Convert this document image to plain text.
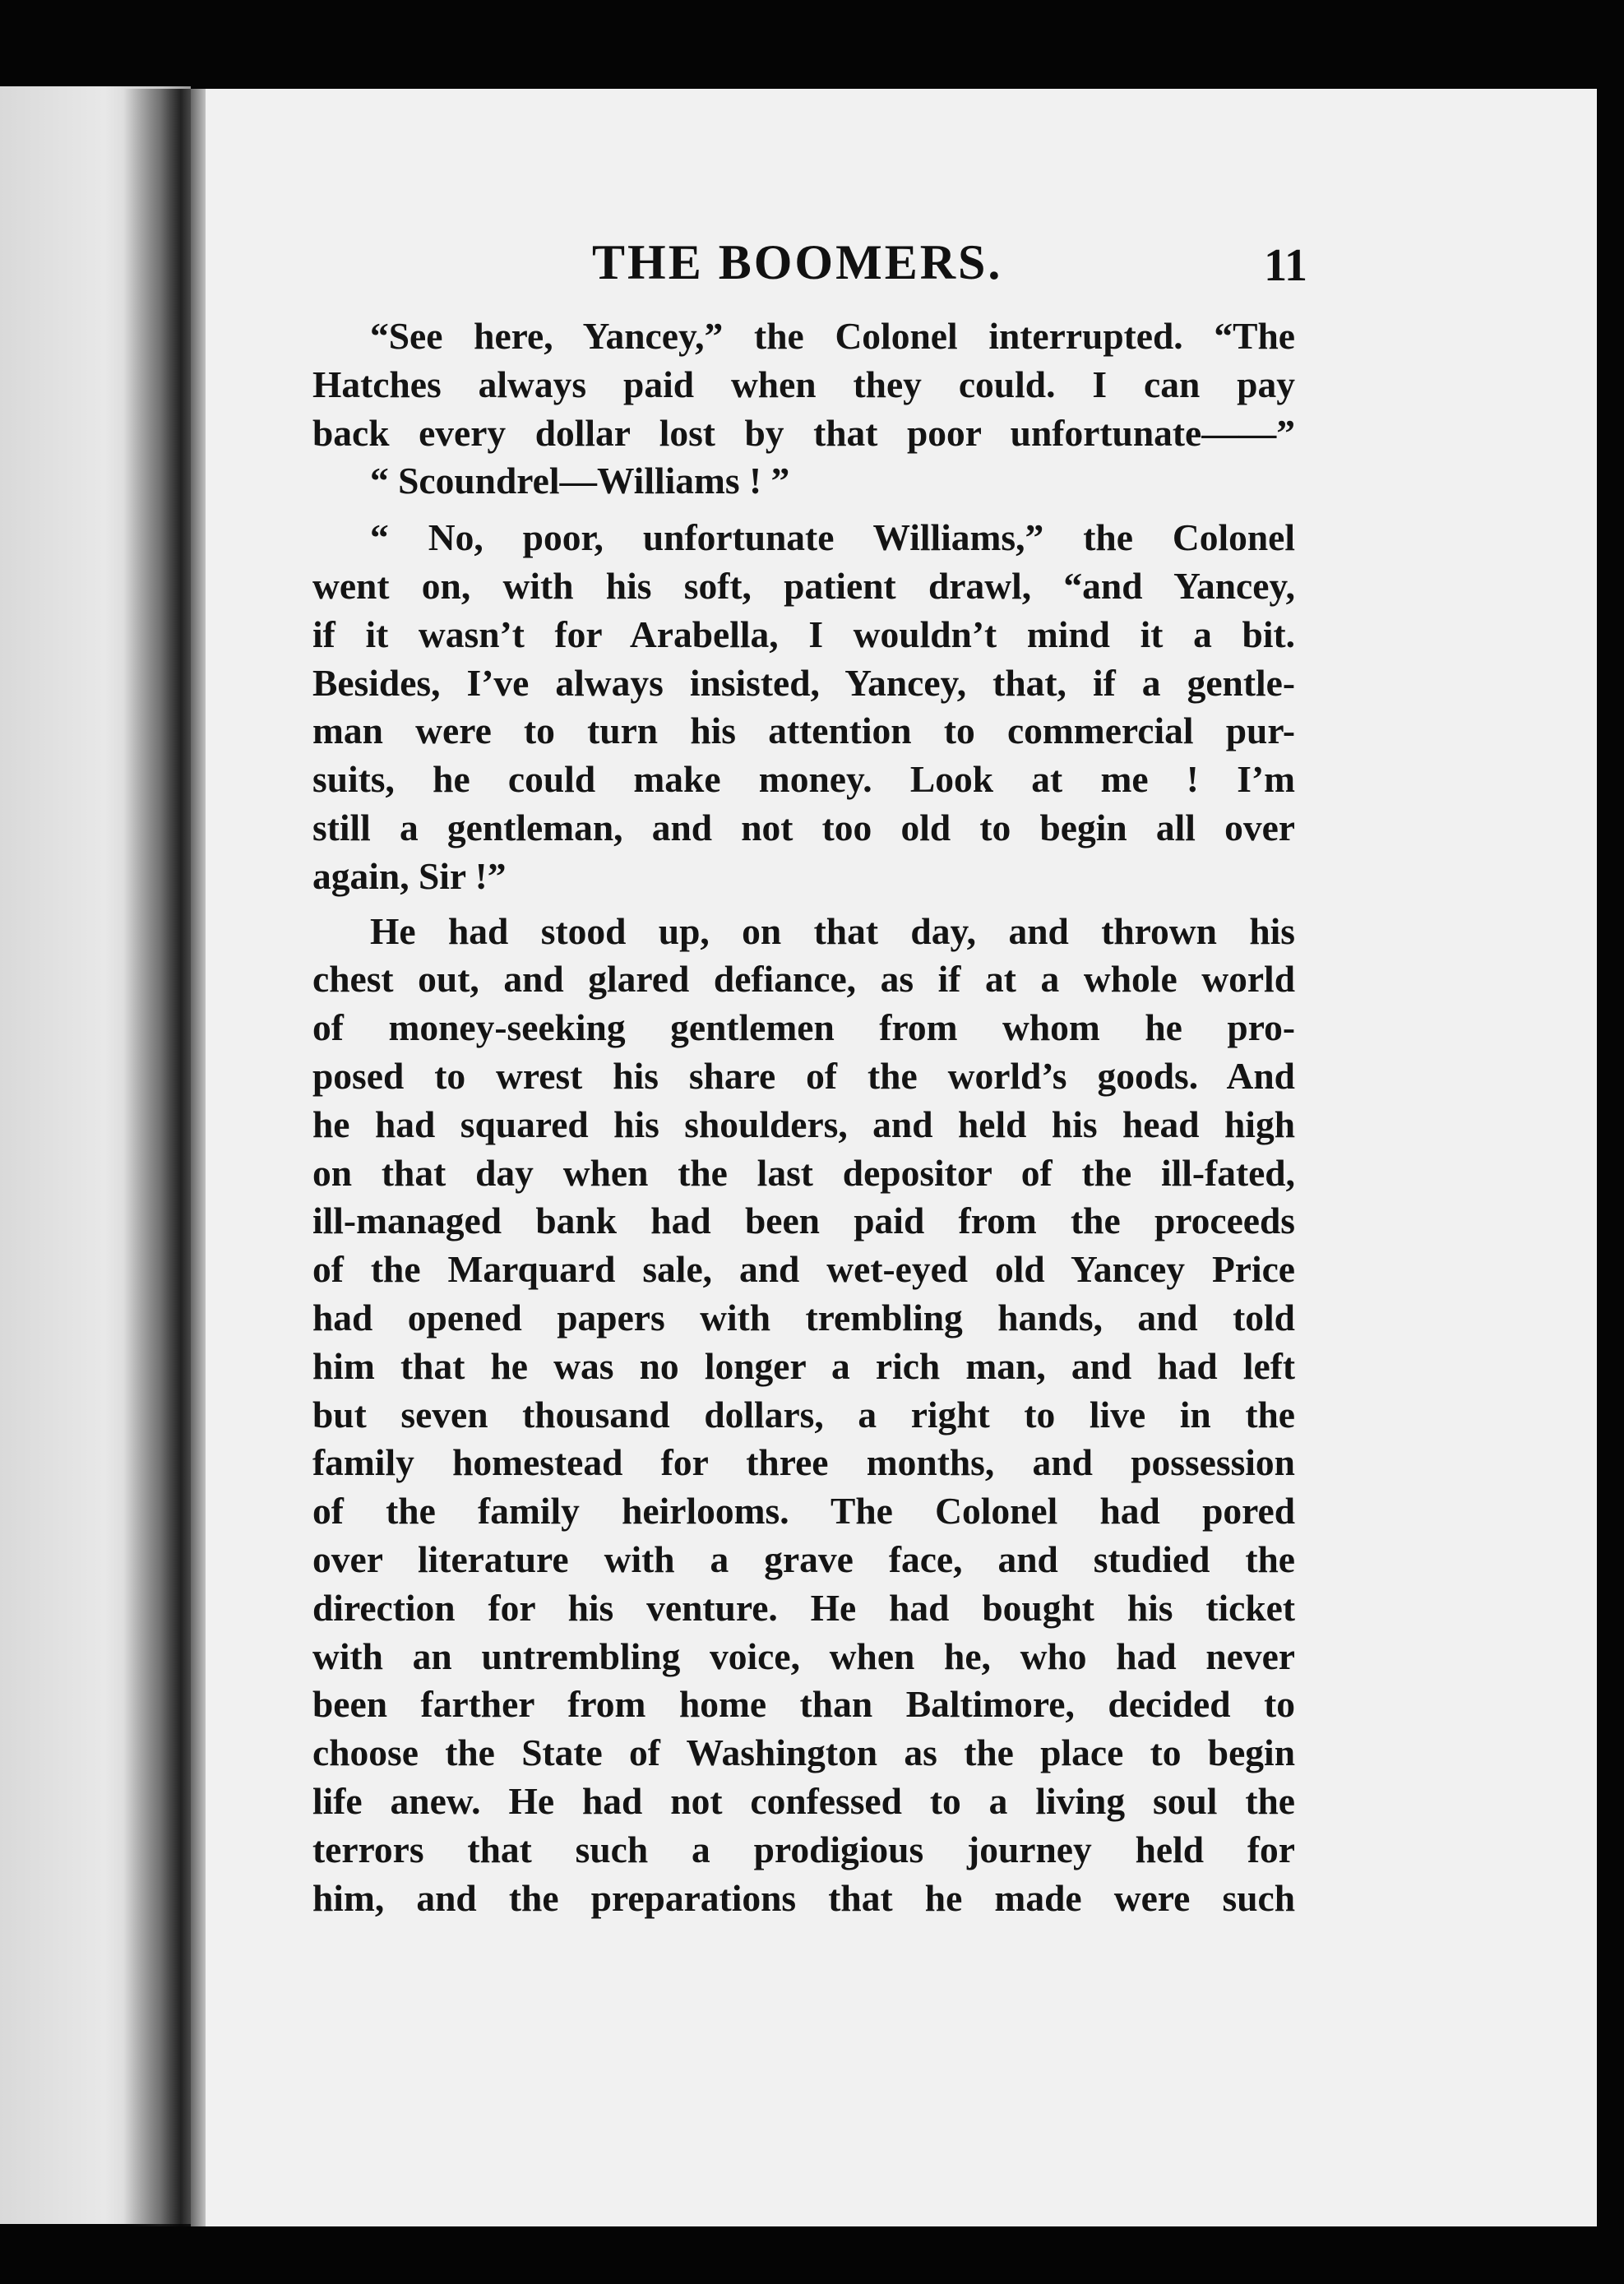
THE BOOMERS.	11
“See here, Yancey,” the Colonel interrupted. “The
Hatches always paid when they could. I can pay
back every dollar lost by that poor unfortunate——”
“ Scoundrel—Williams ! ”
“ No, poor, unfortunate Williams,” the Colonel
went on, with his soft, patient drawl, “and Yancey,
if it wasn’t for Arabella, I wouldn’t mind it a bit.
Besides, I’ve always insisted, Yancey, that, if a gentle-
man were to turn his attention to commercial pur-
suits, he could make money. Look at me ! I’m
still a gentleman, and not too old to begin all over
again, Sir !”
He had stood up, on that day, and thrown his
chest out, and glared defiance, as if at a whole world
of money-seeking gentlemen from whom he pro-
posed to wrest his share of the world’s goods. And
he had squared his shoulders, and held his head high
on that day when the last depositor of the ill-fated,
ill-managed bank had been paid from the proceeds
of the Marquard sale, and wet-eyed old Yancey Price
had opened papers with trembling hands, and told
him that he was no longer a rich man, and had left
but seven thousand dollars, a right to live in the
family homestead for three months, and possession
of the family heirlooms. The Colonel had pored
over literature with a grave face, and studied the
direction for his venture. He had bought his ticket
with an untrembling voice, when he, who had never
been farther from home than Baltimore, decided to
choose the State of Washington as the place to begin
life anew. He had not confessed to a living soul the
terrors that such a prodigious journey held for
him, and the preparations that he made were such
